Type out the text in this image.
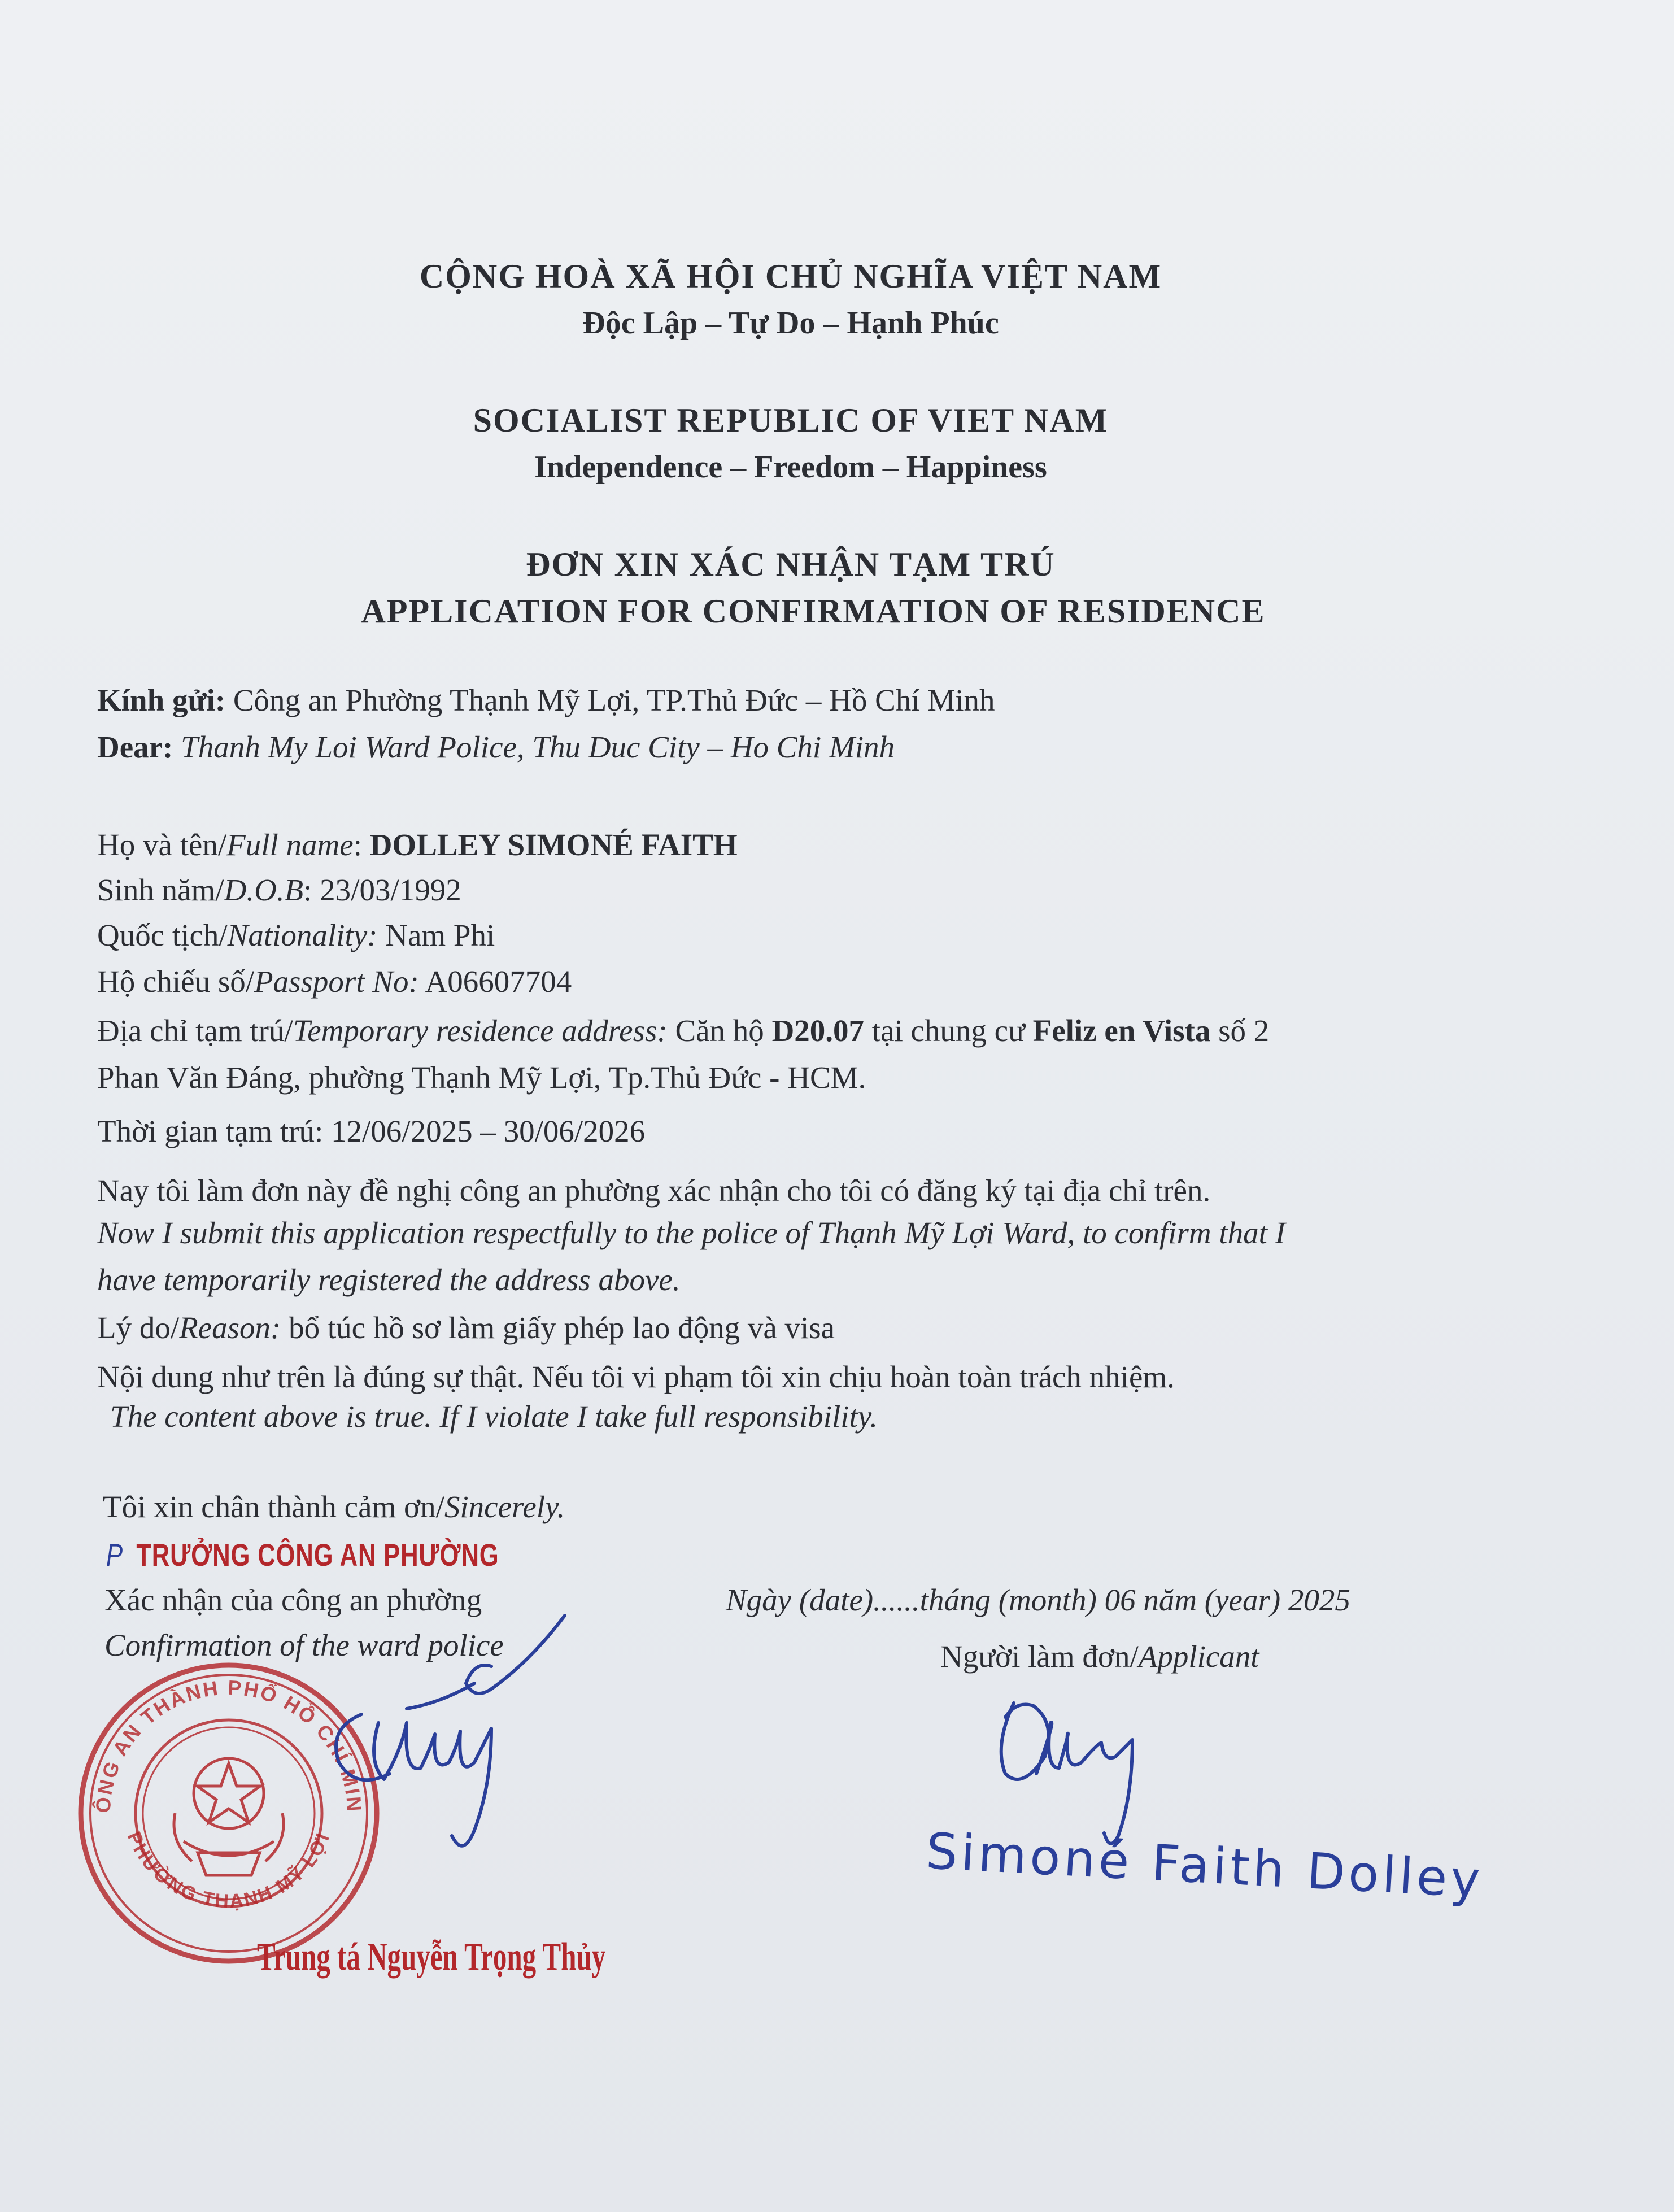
CỘNG HOÀ XÃ HỘI CHỦ NGHĨA VIỆT NAM
Độc Lập – Tự Do – Hạnh Phúc
SOCIALIST REPUBLIC OF VIET NAM
Independence – Freedom – Happiness
ĐƠN XIN XÁC NHẬN TẠM TRÚ
APPLICATION FOR CONFIRMATION OF RESIDENCE
Kính gửi: Công an Phường Thạnh Mỹ Lợi, TP.Thủ Đức – Hồ Chí Minh
Dear: Thanh My Loi Ward Police, Thu Duc City – Ho Chi Minh
Họ và tên/Full name: DOLLEY SIMONÉ FAITH
Sinh năm/D.O.B: 23/03/1992
Quốc tịch/Nationality: Nam Phi
Hộ chiếu số/Passport No: A06607704
Địa chỉ tạm trú/Temporary residence address: Căn hộ D20.07 tại chung cư Feliz en Vista số 2
Phan Văn Đáng, phường Thạnh Mỹ Lợi, Tp.Thủ Đức - HCM.
Thời gian tạm trú: 12/06/2025 – 30/06/2026
Nay tôi làm đơn này đề nghị công an phường xác nhận cho tôi có đăng ký tại địa chỉ trên.
Now I submit this application respectfully to the police of Thạnh Mỹ Lợi Ward, to confirm that I
have temporarily registered the address above.
Lý do/Reason: bổ túc hồ sơ làm giấy phép lao động và visa
Nội dung như trên là đúng sự thật. Nếu tôi vi phạm tôi xin chịu hoàn toàn trách nhiệm.
The content above is true. If I violate I take full responsibility.
Tôi xin chân thành cảm ơn/Sincerely.
P TRƯỞNG CÔNG AN PHƯỜNG
Xác nhận của công an phường
Confirmation of the ward police
Ngày (date)......tháng (month) 06 năm (year) 2025
Người làm đơn/Applicant
CÔNG AN THÀNH PHỐ HỒ CHÍ MINH
PHƯỜNG THẠNH MỸ LỢI
Trung tá Nguyễn Trọng Thủy
Simoné Faith Dolley
